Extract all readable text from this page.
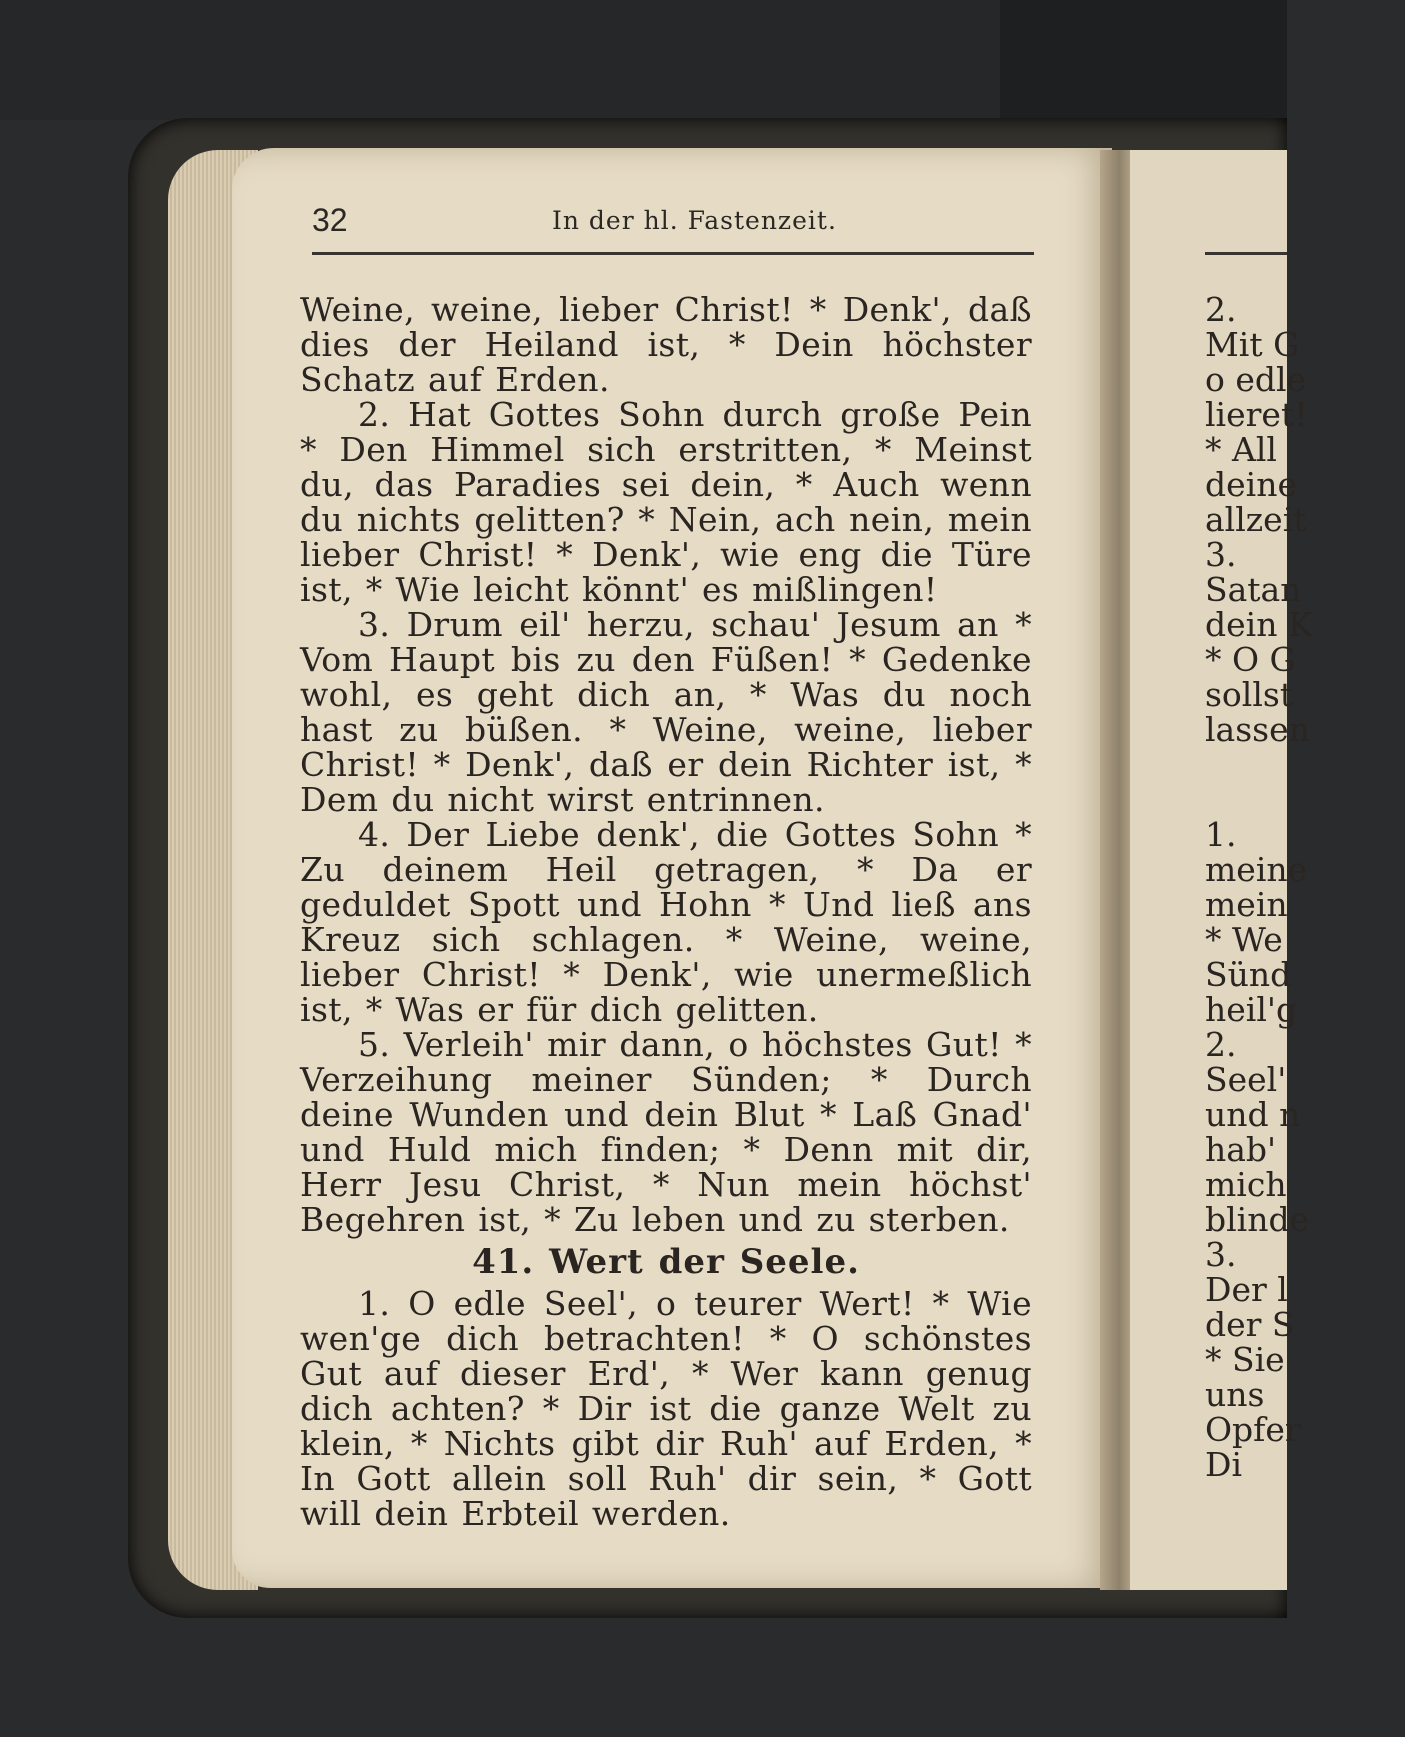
32	In der hl. Fastenzeit.

Weine, weine, lieber Christ! * Denk', daß dies der Heiland ist, * Dein höchster Schatz auf Erden.

2. Hat Gottes Sohn durch große Pein * Den Himmel sich erstritten, * Meinst du, das Paradies sei dein, * Auch wenn du nichts gelitten? * Nein, ach nein, mein lieber Christ! * Denk', wie eng die Türe ist, * Wie leicht könnt' es mißlingen!

3. Drum eil' herzu, schau' Jesum an * Vom Haupt bis zu den Füßen! * Gedenke wohl, es geht dich an, * Was du noch hast zu büßen. * Weine, weine, lieber Christ! * Denk', daß er dein Richter ist, * Dem du nicht wirst entrinnen.

4. Der Liebe denk', die Gottes Sohn * Zu deinem Heil getragen, * Da er geduldet Spott und Hohn * Und ließ ans Kreuz sich schlagen. * Weine, weine, lieber Christ! * Denk', wie unermeßlich ist, * Was er für dich gelitten.

5. Verleih' mir dann, o höchstes Gut! * Verzeihung meiner Sünden; * Durch deine Wunden und dein Blut * Laß Gnad' und Huld mich finden; * Denn mit dir, Herr Jesu Christ, * Nun mein höchst' Begehren ist, * Zu leben und zu sterben.

41. Wert der Seele.

1. O edle Seel', o teurer Wert! * Wie wen'ge dich betrachten! * O schönstes Gut auf dieser Erd', * Wer kann genug dich achten? * Dir ist die ganze Welt zu klein, * Nichts gibt dir Ruh' auf Erden, * In Gott allein soll Ruh' dir sein, * Gott will dein Erbteil werden.

2.
Mit G
o edle
lieret!
* All
deine
allzeit
3.
Satan
dein K
* O G
sollst
lassen

1.
meine
mein
* We
Sünd
heil'g
2.
Seel'
und n
hab'
mich
blinde
3.
Der l
der S
* Sie
uns
Opfer
Di
